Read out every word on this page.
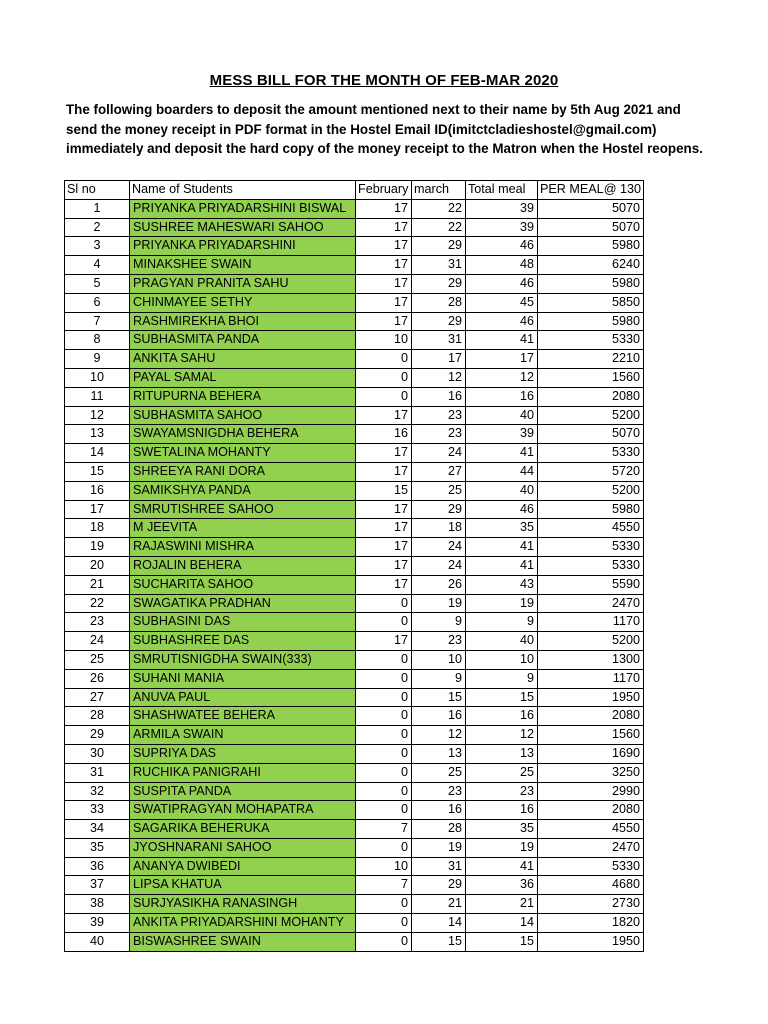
MESS BILL FOR THE MONTH OF FEB-MAR 2020
The following boarders to deposit the amount mentioned next to their name by 5th Aug 2021 and send the money receipt in PDF format in the Hostel Email ID(imitctcladieshostel@gmail.com) immediately and deposit the hard copy of the money receipt to the Matron when the Hostel reopens.
Sl no	Name of Students	February	march	Total meal	PER MEAL@ 130
1	PRIYANKA PRIYADARSHINI BISWAL	17	22	39	5070
2	SUSHREE MAHESWARI SAHOO	17	22	39	5070
3	PRIYANKA PRIYADARSHINI	17	29	46	5980
4	MINAKSHEE SWAIN	17	31	48	6240
5	PRAGYAN PRANITA SAHU	17	29	46	5980
6	CHINMAYEE SETHY	17	28	45	5850
7	RASHMIREKHA BHOI	17	29	46	5980
8	SUBHASMITA PANDA	10	31	41	5330
9	ANKITA SAHU	0	17	17	2210
10	PAYAL SAMAL	0	12	12	1560
11	RITUPURNA BEHERA	0	16	16	2080
12	SUBHASMITA SAHOO	17	23	40	5200
13	SWAYAMSNIGDHA BEHERA	16	23	39	5070
14	SWETALINA MOHANTY	17	24	41	5330
15	SHREEYA RANI DORA	17	27	44	5720
16	SAMIKSHYA PANDA	15	25	40	5200
17	SMRUTISHREE SAHOO	17	29	46	5980
18	M JEEVITA	17	18	35	4550
19	RAJASWINI MISHRA	17	24	41	5330
20	ROJALIN BEHERA	17	24	41	5330
21	SUCHARITA SAHOO	17	26	43	5590
22	SWAGATIKA PRADHAN	0	19	19	2470
23	SUBHASINI DAS	0	9	9	1170
24	SUBHASHREE DAS	17	23	40	5200
25	SMRUTISNIGDHA SWAIN(333)	0	10	10	1300
26	SUHANI MANIA	0	9	9	1170
27	ANUVA PAUL	0	15	15	1950
28	SHASHWATEE BEHERA	0	16	16	2080
29	ARMILA SWAIN	0	12	12	1560
30	SUPRIYA DAS	0	13	13	1690
31	RUCHIKA PANIGRAHI	0	25	25	3250
32	SUSPITA PANDA	0	23	23	2990
33	SWATIPRAGYAN MOHAPATRA	0	16	16	2080
34	SAGARIKA BEHERUKA	7	28	35	4550
35	JYOSHNARANI SAHOO	0	19	19	2470
36	ANANYA DWIBEDI	10	31	41	5330
37	LIPSA KHATUA	7	29	36	4680
38	SURJYASIKHA RANASINGH	0	21	21	2730
39	ANKITA PRIYADARSHINI MOHANTY	0	14	14	1820
40	BISWASHREE SWAIN	0	15	15	1950
